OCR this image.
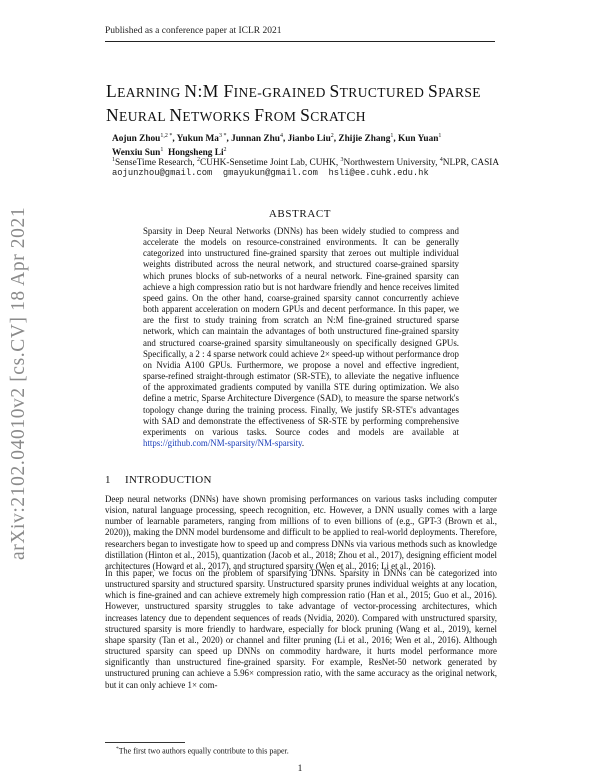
Published as a conference paper at ICLR 2021
arXiv:2102.04010v2 [cs.CV] 18 Apr 2021
LEARNING N:M FINE-GRAINED STRUCTURED SPARSE
NEURAL NETWORKS FROM SCRATCH
Aojun Zhou$^{1,2 *}$, Yukun $Ma^{3 *}$, Junnan Zhu$^4$, Jianbo Liu$^2$, Zhijie Zhang$^1$, Kun Yuan$^1$
Wenxiu Sun$^1$ Hongsheng Li$^2$
$^1$SenseTime Research, $^2$CUHK-Sensetime Joint Lab, CUHK, $^3$Northwestern University, $^4$NLPR, CASIA
aojunzhou@gmail.com  gmayukun@gmail.com  hsli@ee.cuhk.edu.hk
ABSTRACT
Sparsity in Deep Neural Networks (DNNs) has been widely studied to compress and accelerate the models on resource-constrained environments. It can be generally categorized into unstructured fine-grained sparsity that zeroes out multiple individual weights distributed across the neural network, and structured coarse-grained sparsity which prunes blocks of sub-networks of a neural network. Fine-grained sparsity can achieve a high compression ratio but is not hardware friendly and hence receives limited speed gains. On the other hand, coarse-grained sparsity cannot concurrently achieve both apparent acceleration on modern GPUs and decent performance. In this paper, we are the first to study training from scratch an N:M fine-grained structured sparse network, which can maintain the advantages of both unstructured fine-grained sparsity and structured coarse-grained sparsity simultaneously on specifically designed GPUs. Specifically, a 2 : 4 sparse network could achieve 2× speed-up without performance drop on Nvidia A100 GPUs. Furthermore, we propose a novel and effective ingredient, sparse-refined straight-through estimator (SR-STE), to alleviate the negative influence of the approximated gradients computed by vanilla STE during optimization. We also define a metric, Sparse Architecture Divergence (SAD), to measure the sparse network's topology change during the training process. Finally, We justify SR-STE's advantages with SAD and demonstrate the effectiveness of SR-STE by performing comprehensive experiments on various tasks. Source codes and models are available at https://github.com/NM-sparsity/NM-sparsity.
1 INTRODUCTION
Deep neural networks (DNNs) have shown promising performances on various tasks including computer vision, natural language processing, speech recognition, etc. However, a DNN usually comes with a large number of learnable parameters, ranging from millions of to even billions of (e.g., GPT-3 (Brown et al., 2020)), making the DNN model burdensome and difficult to be applied to real-world deployments. Therefore, researchers began to investigate how to speed up and compress DNNs via various methods such as knowledge distillation (Hinton et al., 2015), quantization (Jacob et al., 2018; Zhou et al., 2017), designing efficient model architectures (Howard et al., 2017), and structured sparsity (Wen et al., 2016; Li et al., 2016).
In this paper, we focus on the problem of sparsifying DNNs. Sparsity in DNNs can be categorized into unstructured sparsity and structured sparsity. Unstructured sparsity prunes individual weights at any location, which is fine-grained and can achieve extremely high compression ratio (Han et al., 2015; Guo et al., 2016). However, unstructured sparsity struggles to take advantage of vector-processing architectures, which increases latency due to dependent sequences of reads (Nvidia, 2020). Compared with unstructured sparsity, structured sparsity is more friendly to hardware, especially for block pruning (Wang et al., 2019), kernel shape sparsity (Tan et al., 2020) or channel and filter pruning (Li et al., 2016; Wen et al., 2016). Although structured sparsity can speed up DNNs on commodity hardware, it hurts model performance more significantly than unstructured fine-grained sparsity. For example, ResNet-50 network generated by unstructured pruning can achieve a 5.96× compression ratio, with the same accuracy as the original network, but it can only achieve 1× com-
*The first two authors equally contribute to this paper.
1
